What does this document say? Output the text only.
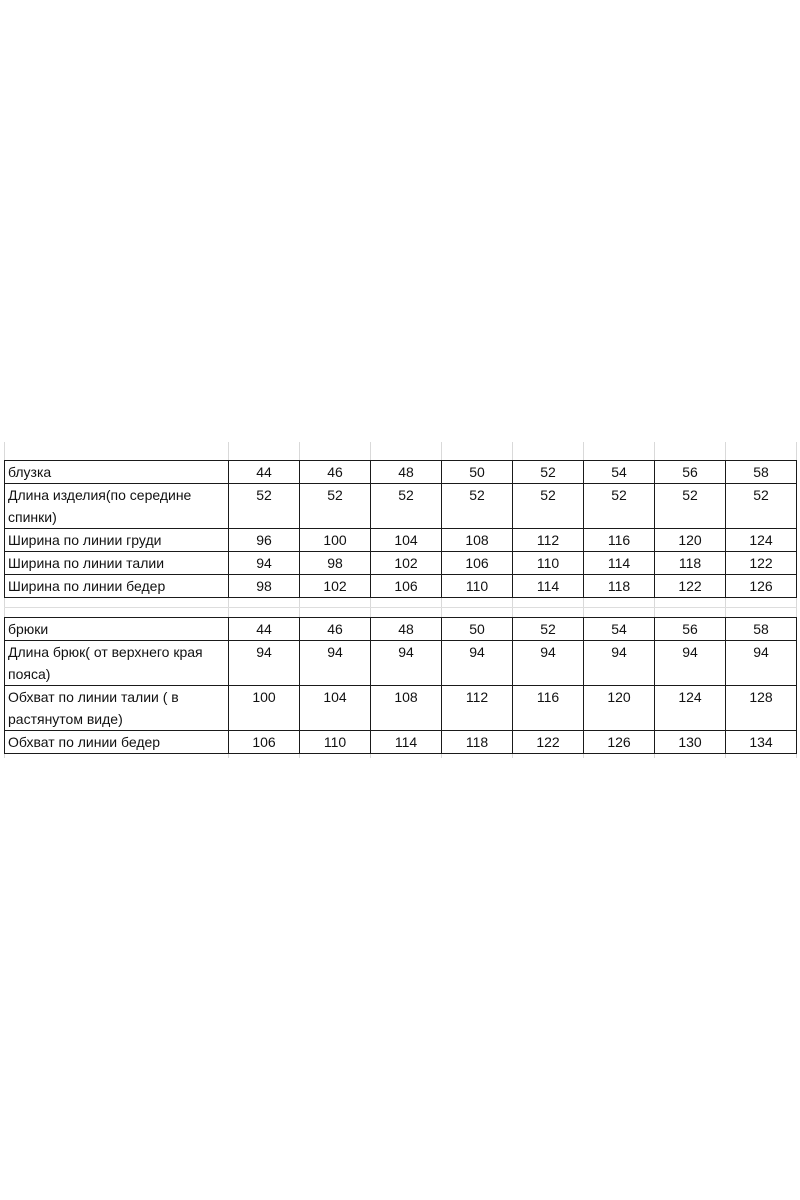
блузка	44	46	48	50	52	54	56	58
Длина изделия(по середине спинки)	52	52	52	52	52	52	52	52
Ширина по линии груди	96	100	104	108	112	116	120	124
Ширина по линии талии	94	98	102	106	110	114	118	122
Ширина по линии бедер	98	102	106	110	114	118	122	126
брюки	44	46	48	50	52	54	56	58
Длина брюк( от верхнего края пояса)	94	94	94	94	94	94	94	94
Обхват по линии талии ( в растянутом виде)	100	104	108	112	116	120	124	128
Обхват по линии бедер	106	110	114	118	122	126	130	134
